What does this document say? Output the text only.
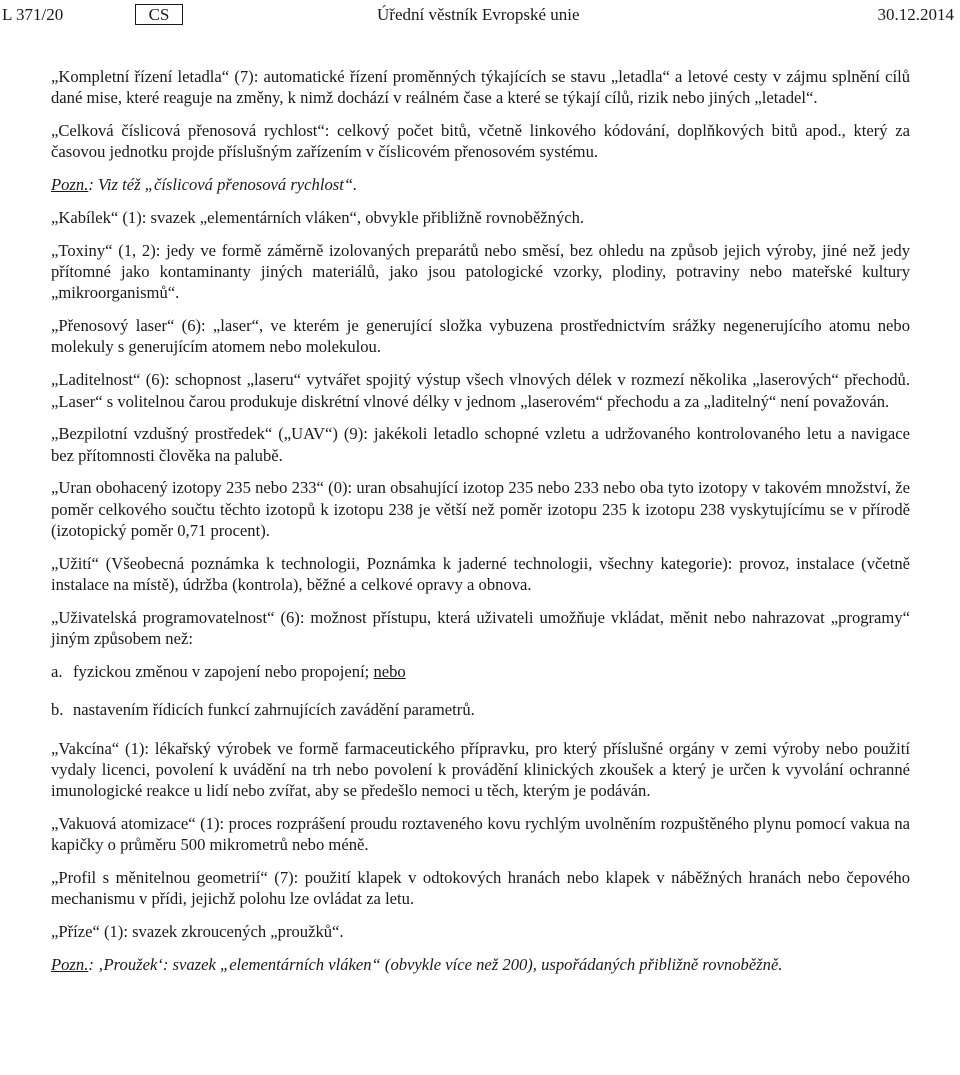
L 371/20	CS	Úřední věstník Evropské unie	30.12.2014

„Kompletní řízení letadla“ (7): automatické řízení proměnných týkajících se stavu „letadla“ a letové cesty v zájmu splnění cílů dané mise, které reaguje na změny, k nimž dochází v reálném čase a které se týkají cílů, rizik nebo jiných „letadel“.

„Celková číslicová přenosová rychlost“: celkový počet bitů, včetně linkového kódování, doplňkových bitů apod., který za časovou jednotku projde příslušným zařízením v číslicovém přenosovém systému.

Pozn.: Viz též „číslicová přenosová rychlost“.

„Kabílek“ (1): svazek „elementárních vláken“, obvykle přibližně rovnoběžných.

„Toxiny“ (1, 2): jedy ve formě záměrně izolovaných preparátů nebo směsí, bez ohledu na způsob jejich výroby, jiné než jedy přítomné jako kontaminanty jiných materiálů, jako jsou patologické vzorky, plodiny, potraviny nebo mateřské kultury „mikroorganismů“.

„Přenosový laser“ (6): „laser“, ve kterém je generující složka vybuzena prostřednictvím srážky negenerujícího atomu nebo molekuly s generujícím atomem nebo molekulou.

„Laditelnost“ (6): schopnost „laseru“ vytvářet spojitý výstup všech vlnových délek v rozmezí několika „laserových“ přechodů. „Laser“ s volitelnou čarou produkuje diskrétní vlnové délky v jednom „laserovém“ přechodu a za „laditelný“ není považován.

„Bezpilotní vzdušný prostředek“ („UAV“) (9): jakékoli letadlo schopné vzletu a udržovaného kontrolovaného letu a navigace bez přítomnosti člověka na palubě.

„Uran obohacený izotopy 235 nebo 233“ (0): uran obsahující izotop 235 nebo 233 nebo oba tyto izotopy v takovém množství, že poměr celkového součtu těchto izotopů k izotopu 238 je větší než poměr izotopu 235 k izotopu 238 vyskytujícímu se v přírodě (izotopický poměr 0,71 procent).

„Užití“ (Všeobecná poznámka k technologii, Poznámka k jaderné technologii, všechny kategorie): provoz, instalace (včetně instalace na místě), údržba (kontrola), běžné a celkové opravy a obnova.

„Uživatelská programovatelnost“ (6): možnost přístupu, která uživateli umožňuje vkládat, měnit nebo nahrazovat „programy“ jiným způsobem než:

a. fyzickou změnou v zapojení nebo propojení; nebo

b. nastavením řídicích funkcí zahrnujících zavádění parametrů.

„Vakcína“ (1): lékařský výrobek ve formě farmaceutického přípravku, pro který příslušné orgány v zemi výroby nebo použití vydaly licenci, povolení k uvádění na trh nebo povolení k provádění klinických zkoušek a který je určen k vyvolání ochranné imunologické reakce u lidí nebo zvířat, aby se předešlo nemoci u těch, kterým je podáván.

„Vakuová atomizace“ (1): proces rozprášení proudu roztaveného kovu rychlým uvolněním rozpuštěného plynu pomocí vakua na kapičky o průměru 500 mikrometrů nebo méně.

„Profil s měnitelnou geometrií“ (7): použití klapek v odtokových hranách nebo klapek v náběžných hranách nebo čepového mechanismu v přídi, jejichž polohu lze ovládat za letu.

„Příze“ (1): svazek zkroucených „proužků“.

Pozn.: ‚Proužek‘: svazek „elementárních vláken“ (obvykle více než 200), uspořádaných přibližně rovnoběžně.
